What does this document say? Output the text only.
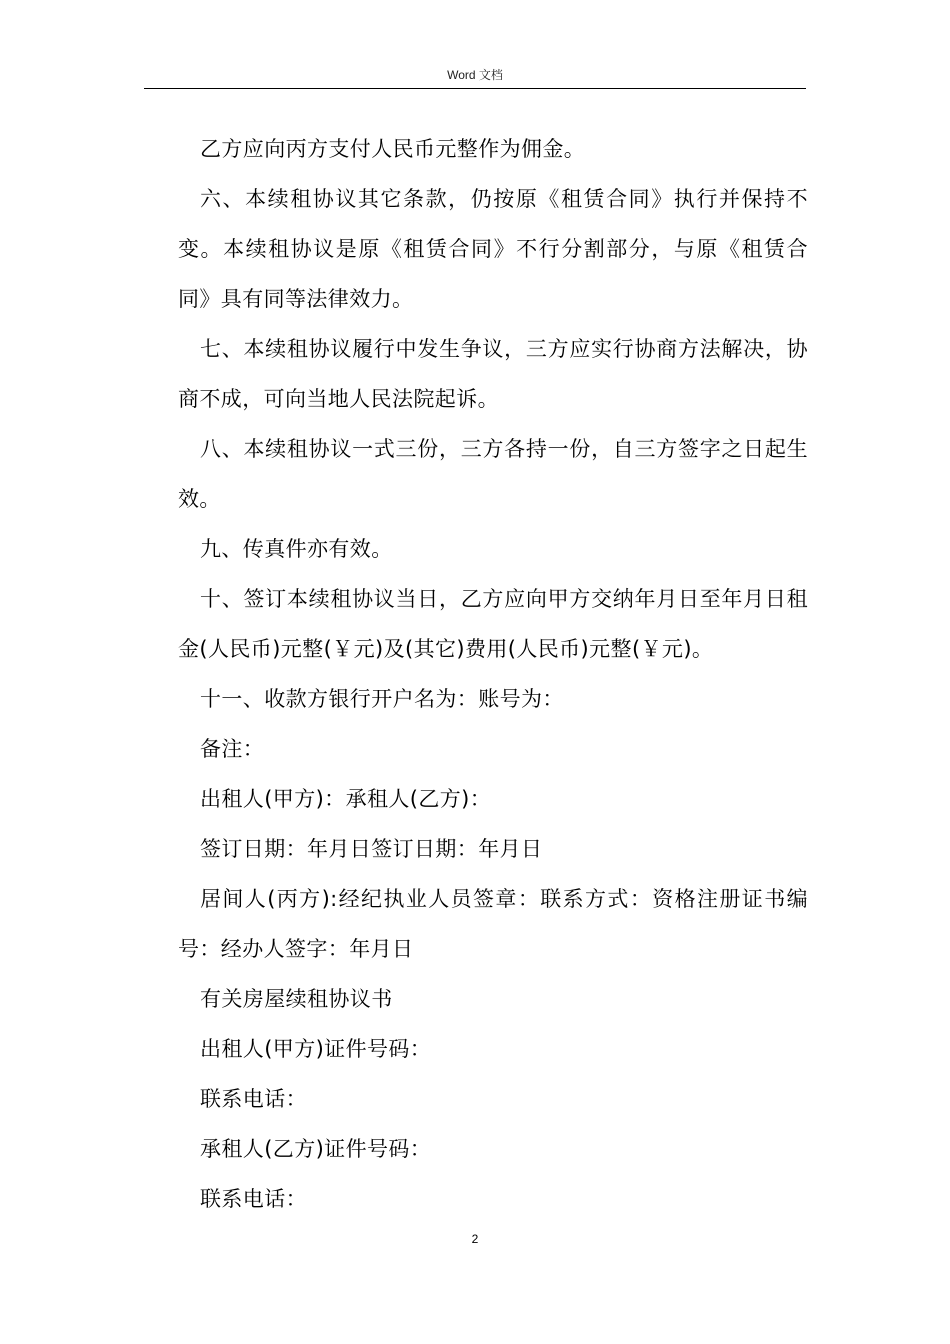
Word 文档

乙方应向丙方支付人民币元整作为佣金。

六、本续租协议其它条款，仍按原《租赁合同》执行并保持不变。本续租协议是原《租赁合同》不行分割部分，与原《租赁合同》具有同等法律效力。

七、本续租协议履行中发生争议，三方应实行协商方法解决，协商不成，可向当地人民法院起诉。

八、本续租协议一式三份，三方各持一份，自三方签字之日起生效。

九、传真件亦有效。

十、签订本续租协议当日，乙方应向甲方交纳年月日至年月日租金(人民币)元整(￥元)及(其它)费用(人民币)元整(￥元)。

十一、收款方银行开户名为：账号为：

备注：

出租人(甲方)：承租人(乙方)：

签订日期：年月日签订日期：年月日

居间人(丙方):经纪执业人员签章：联系方式：资格注册证书编号：经办人签字：年月日

有关房屋续租协议书

出租人(甲方)证件号码：

联系电话：

承租人(乙方)证件号码：

联系电话：

2
